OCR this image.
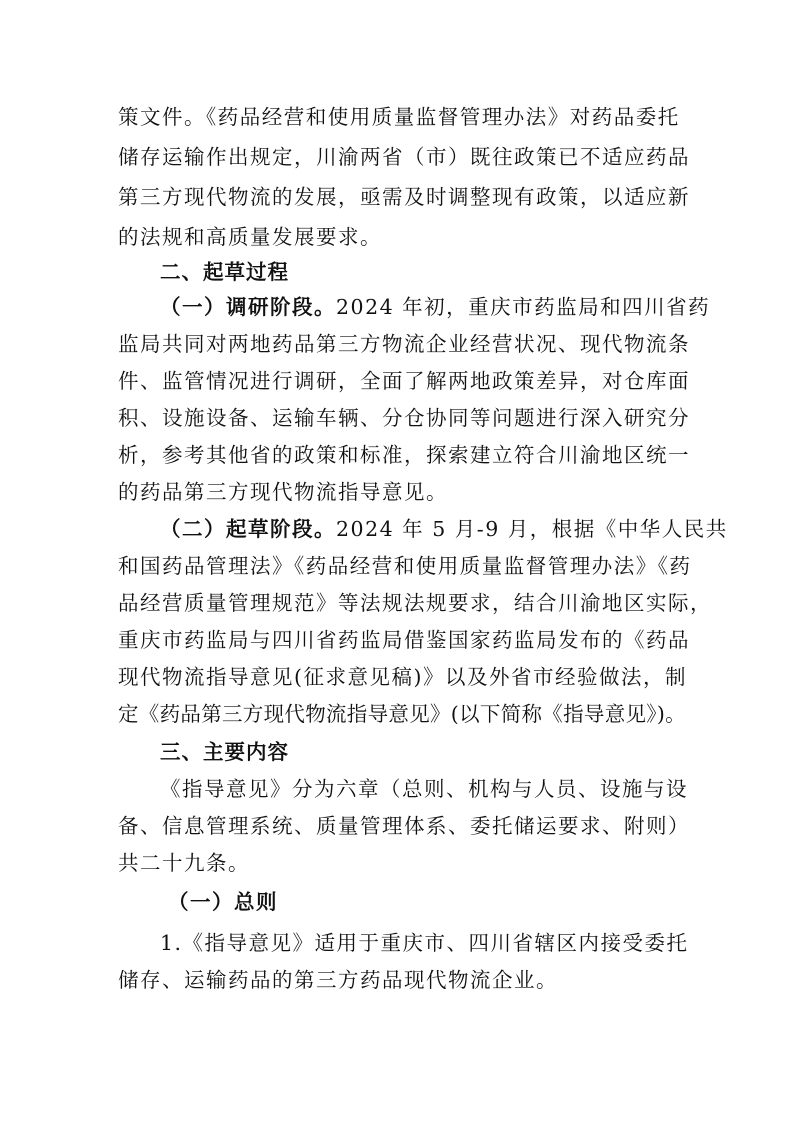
策文件。《药品经营和使用质量监督管理办法》对药品委托
储存运输作出规定，川渝两省（市）既往政策已不适应药品
第三方现代物流的发展，亟需及时调整现有政策，以适应新
的法规和高质量发展要求。
二、起草过程
（一）调研阶段。 2024 年初，重庆市药监局和四川省药
监局共同对两地药品第三方物流企业经营状况、现代物流条
件、监管情况进行调研，全面了解两地政策差异，对仓库面
积、设施设备、运输车辆、分仓协同等问题进行深入研究分
析，参考其他省的政策和标准，探索建立符合川渝地区统一
的药品第三方现代物流指导意见。
（二）起草阶段。 2024 年 5 月-9 月，根据《中华人民共
和国药品管理法》《药品经营和使用质量监督管理办法》《药
品经营质量管理规范》等法规法规要求，结合川渝地区实际，
重庆市药监局与四川省药监局借鉴国家药监局发布的《药品
现代物流指导意见(征求意见稿)》以及外省市经验做法，制
定《药品第三方现代物流指导意见》(以下简称《指导意见》)。
三、主要内容
《指导意见》分为六章（总则、机构与人员、设施与设
备、信息管理系统、质量管理体系、委托储运要求、附则）
共二十九条。
（一）总则
1.《指导意见》适用于重庆市、四川省辖区内接受委托
储存、运输药品的第三方药品现代物流企业。
